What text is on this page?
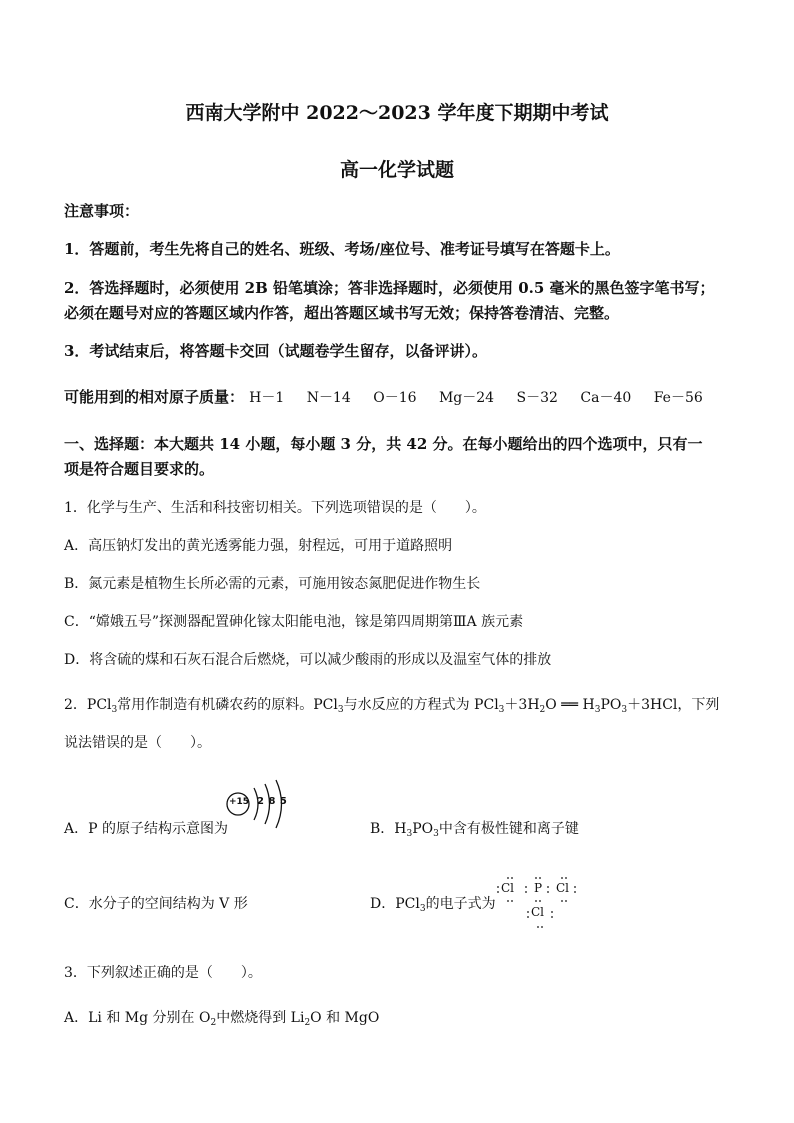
西南大学附中 2022～2023 学年度下期期中考试
高一化学试题
注意事项：
1．答题前，考生先将自己的姓名、班级、考场/座位号、准考证号填写在答题卡上。
2．答选择题时，必须使用 2B 铅笔填涂；答非选择题时，必须使用 0.5 毫米的黑色签字笔书写；
必须在题号对应的答题区域内作答，超出答题区域书写无效；保持答卷清洁、完整。
3．考试结束后，将答题卡交回（试题卷学生留存，以备评讲）。
可能用到的相对原子质量： H－1 N－14 O－16 Mg－24 S－32 Ca－40 Fe－56
一、选择题：本大题共 14 小题，每小题 3 分，共 42 分。在每小题给出的四个选项中，只有一
项是符合题目要求的。
1．化学与生产、生活和科技密切相关。下列选项错误的是（　　）。
A．高压钠灯发出的黄光透雾能力强，射程远，可用于道路照明
B．氮元素是植物生长所必需的元素，可施用铵态氮肥促进作物生长
C．“嫦娥五号”探测器配置砷化镓太阳能电池，镓是第四周期第ⅢA 族元素
D．将含硫的煤和石灰石混合后燃烧，可以减少酸雨的形成以及温室气体的排放
2．PCl$_3$常用作制造有机磷农药的原料。PCl$_3$与水反应的方程式为 $PCl_3+3H_2O$ ══ $H_3PO_3+3HCl$，下列
说法错误的是（　　）。
A．P 的原子结构示意图为
+15 2 8 5
B．$H_3PO_3$中含有极性键和离子键
C．水分子的空间结构为 V 形	D．PCl$_3$的电子式为
Cl P Cl
Cl
3．下列叙述正确的是（　　）。
A．Li 和 Mg 分别在 $O_2$中燃烧得到 $Li_2O$ 和 MgO
